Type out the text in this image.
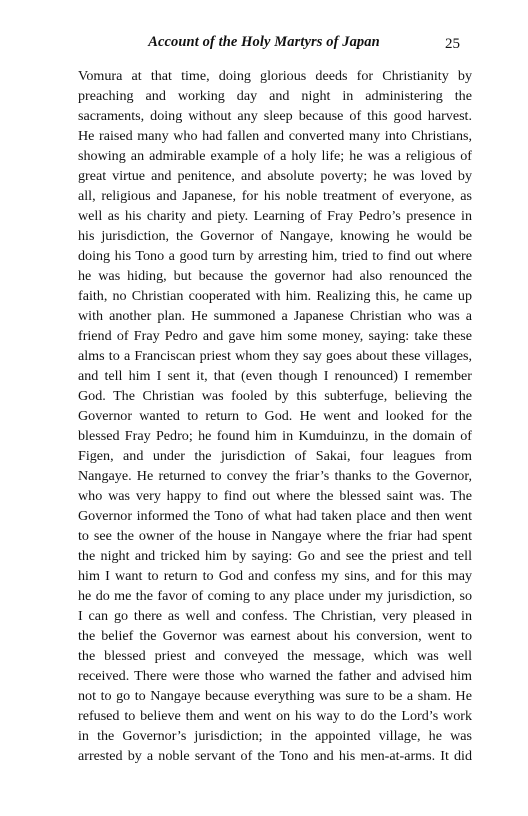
Account of the Holy Martyrs of Japan	25
Vomura at that time, doing glorious deeds for Christianity by
preaching and working day and night in administering the
sacraments, doing without any sleep because of this good harvest.
He raised many who had fallen and converted many into Christians,
showing an admirable example of a holy life; he was a religious of
great virtue and penitence, and absolute poverty; he was loved by
all, religious and Japanese, for his noble treatment of everyone, as
well as his charity and piety. Learning of Fray Pedro’s presence in
his jurisdiction, the Governor of Nangaye, knowing he would be
doing his Tono a good turn by arresting him, tried to find out where
he was hiding, but because the governor had also renounced the
faith, no Christian cooperated with him. Realizing this, he came up
with another plan. He summoned a Japanese Christian who was a
friend of Fray Pedro and gave him some money, saying: take these
alms to a Franciscan priest whom they say goes about these villages,
and tell him I sent it, that (even though I renounced) I remember
God. The Christian was fooled by this subterfuge, believing the
Governor wanted to return to God. He went and looked for the
blessed Fray Pedro; he found him in Kumduinzu, in the domain of
Figen, and under the jurisdiction of Sakai, four leagues from
Nangaye. He returned to convey the friar’s thanks to the Governor,
who was very happy to find out where the blessed saint was. The
Governor informed the Tono of what had taken place and then went
to see the owner of the house in Nangaye where the friar had spent
the night and tricked him by saying: Go and see the priest and tell
him I want to return to God and confess my sins, and for this may
he do me the favor of coming to any place under my jurisdiction, so
I can go there as well and confess. The Christian, very pleased in
the belief the Governor was earnest about his conversion, went to
the blessed priest and conveyed the message, which was well
received. There were those who warned the father and advised him
not to go to Nangaye because everything was sure to be a sham. He
refused to believe them and went on his way to do the Lord’s work
in the Governor’s jurisdiction; in the appointed village, he was
arrested by a noble servant of the Tono and his men-at-arms. It did
